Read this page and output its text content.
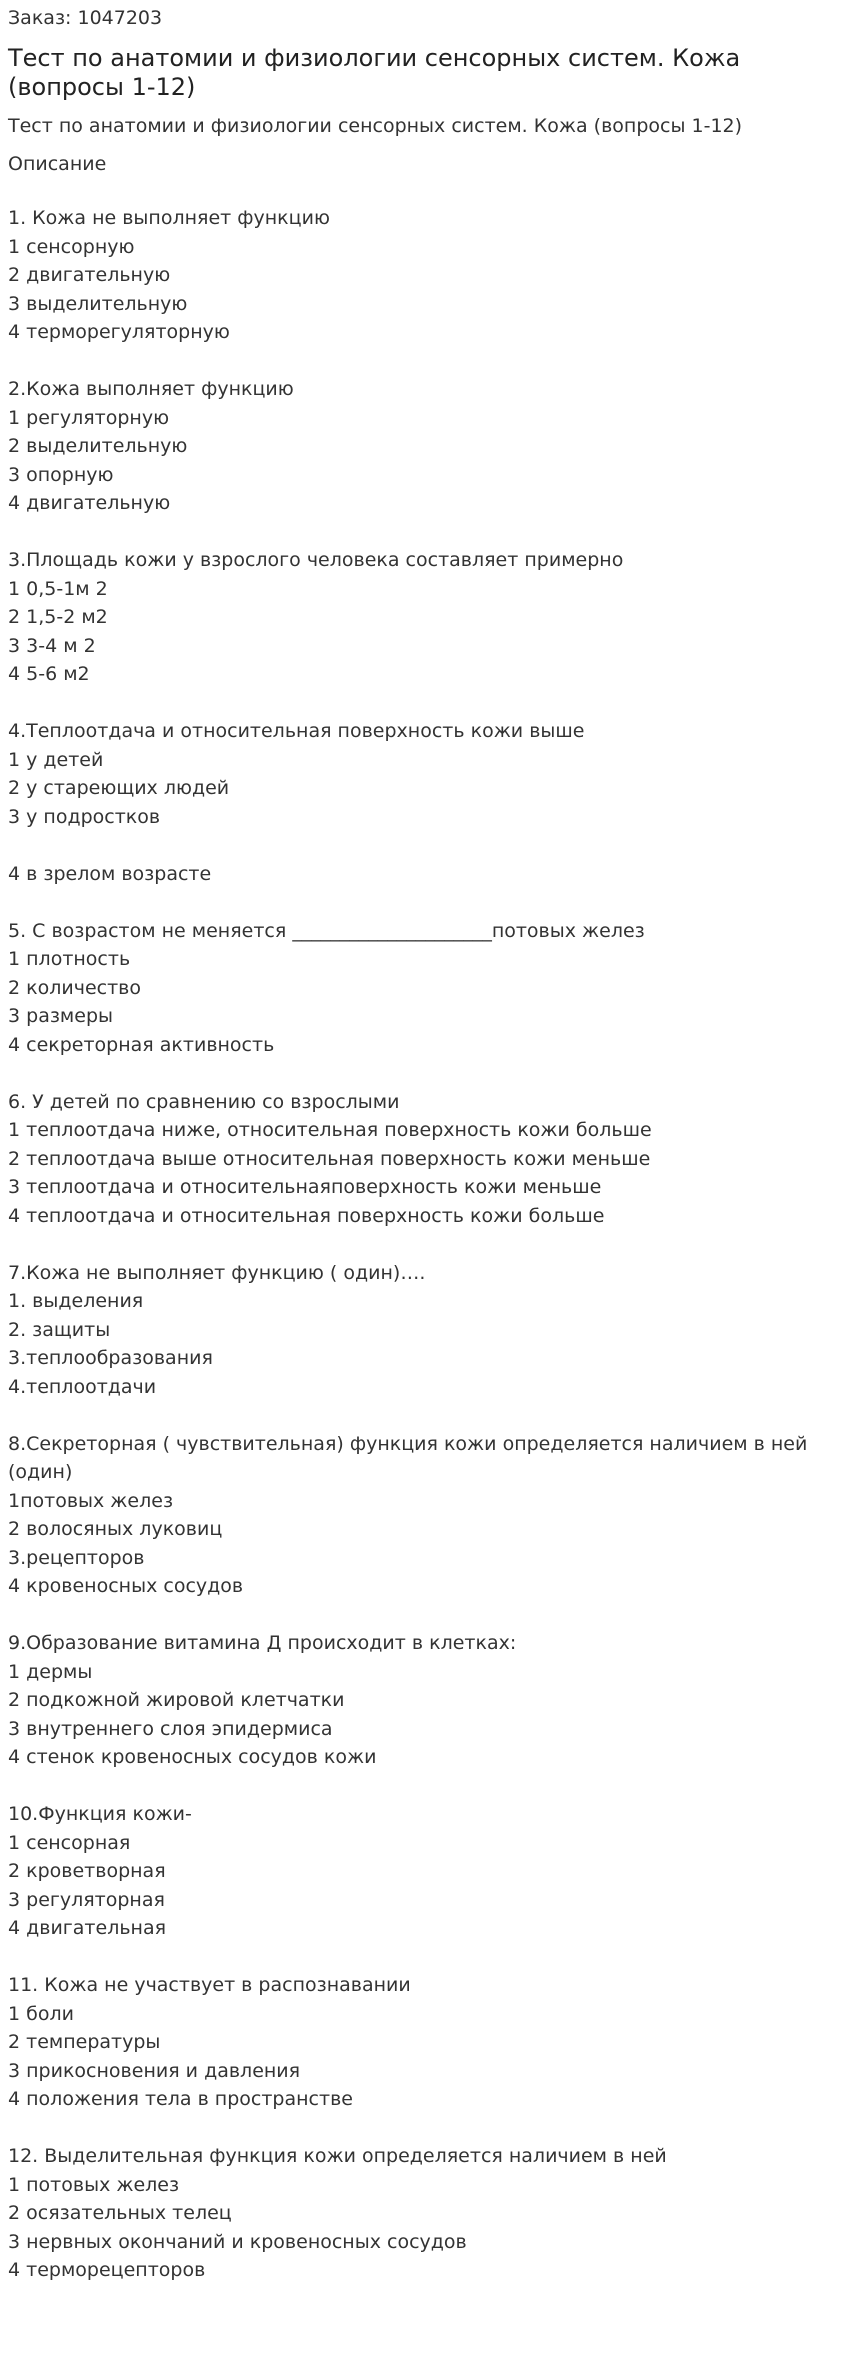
Заказ: 1047203
Тест по анатомии и физиологии сенсорных систем. Кожа (вопросы 1-12)
Тест по анатомии и физиологии сенсорных систем. Кожа (вопросы 1-12)
Описание
1. Кожа не выполняет функцию
1 сенсорную
2 двигательную
3 выделительную
4 терморегуляторную
2.Кожа выполняет функцию
1 регуляторную
2 выделительную
3 опорную
4 двигательную
3.Площадь кожи у взрослого человека составляет примерно
1 0,5-1м 2
2 1,5-2 м2
3 3-4 м 2
4 5-6 м2
4.Теплоотдача и относительная поверхность кожи выше
1 у детей
2 у стареющих людей
3 у подростков
4 в зрелом возрасте
5. С возрастом не меняется _____________________потовых желез
1 плотность
2 количество
3 размеры
4 секреторная активность
6. У детей по сравнению со взрослыми
1 теплоотдача ниже, относительная поверхность кожи больше
2 теплоотдача выше относительная поверхность кожи меньше
3 теплоотдача и относительнаяповерхность кожи меньше
4 теплоотдача и относительная поверхность кожи больше
7.Кожа не выполняет функцию ( один)….
1. выделения
2. защиты
3.теплообразования
4.теплоотдачи
8.Секреторная ( чувствительная) функция кожи определяется наличием в ней
(один)
1потовых желез
2 волосяных луковиц
3.рецепторов
4 кровеносных сосудов
9.Образование витамина Д происходит в клетках:
1 дермы
2 подкожной жировой клетчатки
3 внутреннего слоя эпидермиса
4 стенок кровеносных сосудов кожи
10.Функция кожи-
1 сенсорная
2 кроветворная
3 регуляторная
4 двигательная
11. Кожа не участвует в распознавании
1 боли
2 температуры
3 прикосновения и давления
4 положения тела в пространстве
12. Выделительная функция кожи определяется наличием в ней
1 потовых желез
2 осязательных телец
3 нервных окончаний и кровеносных сосудов
4 терморецепторов
